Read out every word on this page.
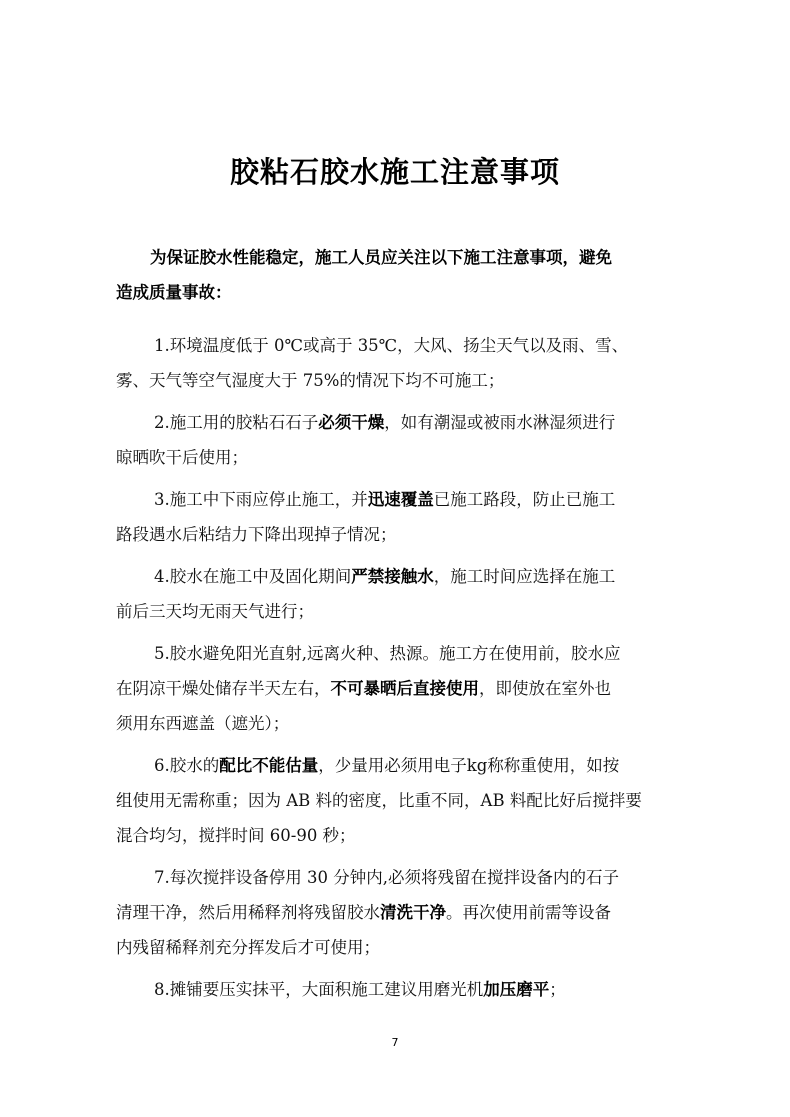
胶粘石胶水施工注意事项
为保证胶水性能稳定，施工人员应关注以下施工注意事项，避免
造成质量事故：
1.环境温度低于 0℃或高于 35℃，大风、扬尘天气以及雨、雪、
雾、天气等空气湿度大于 75%的情况下均不可施工；
2.施工用的胶粘石石子必须干燥，如有潮湿或被雨水淋湿须进行
晾晒吹干后使用；
3.施工中下雨应停止施工，并迅速覆盖已施工路段，防止已施工
路段遇水后粘结力下降出现掉子情况；
4.胶水在施工中及固化期间严禁接触水，施工时间应选择在施工
前后三天均无雨天气进行；
5.胶水避免阳光直射,远离火种、热源。施工方在使用前，胶水应
在阴凉干燥处储存半天左右，不可暴晒后直接使用，即使放在室外也
须用东西遮盖（遮光）；
6.胶水的配比不能估量，少量用必须用电子kg称称重使用，如按
组使用无需称重；因为 AB 料的密度，比重不同，AB 料配比好后搅拌要
混合均匀，搅拌时间 60-90 秒；
7.每次搅拌设备停用 30 分钟内,必须将残留在搅拌设备内的石子
清理干净，然后用稀释剂将残留胶水清洗干净。再次使用前需等设备
内残留稀释剂充分挥发后才可使用；
8.摊铺要压实抹平，大面积施工建议用磨光机加压磨平；
7
